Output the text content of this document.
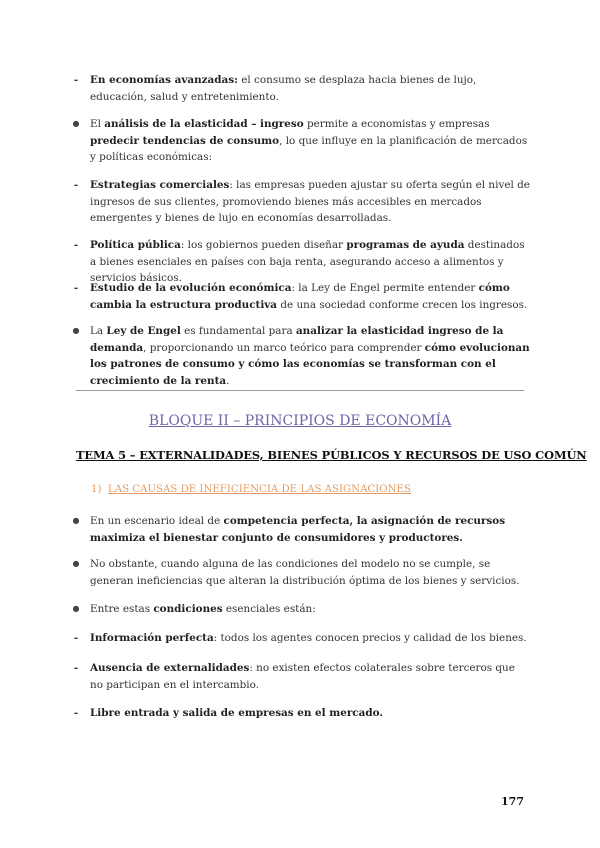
-	En economías avanzadas: el consumo se desplaza hacia bienes de lujo, educación, salud y entretenimiento.
● El análisis de la elasticidad – ingreso permite a economistas y empresas predecir tendencias de consumo, lo que influye en la planificación de mercados y políticas económicas:
-	Estrategias comerciales: las empresas pueden ajustar su oferta según el nivel de ingresos de sus clientes, promoviendo bienes más accesibles en mercados emergentes y bienes de lujo en economías desarrolladas.
-	Política pública: los gobiernos pueden diseñar programas de ayuda destinados a bienes esenciales en países con baja renta, asegurando acceso a alimentos y servicios básicos.
-	Estudio de la evolución económica: la Ley de Engel permite entender cómo cambia la estructura productiva de una sociedad conforme crecen los ingresos.
● La Ley de Engel es fundamental para analizar la elasticidad ingreso de la demanda, proporcionando un marco teórico para comprender cómo evolucionan los patrones de consumo y cómo las economías se transforman con el crecimiento de la renta.
BLOQUE II – PRINCIPIOS DE ECONOMÍA
TEMA 5 – EXTERNALIDADES, BIENES PÚBLICOS Y RECURSOS DE USO COMÚN
1) LAS CAUSAS DE INEFICIENCIA DE LAS ASIGNACIONES
● En un escenario ideal de competencia perfecta, la asignación de recursos maximiza el bienestar conjunto de consumidores y productores.
● No obstante, cuando alguna de las condiciones del modelo no se cumple, se generan ineficiencias que alteran la distribución óptima de los bienes y servicios.
● Entre estas condiciones esenciales están:
-	Información perfecta: todos los agentes conocen precios y calidad de los bienes.
-	Ausencia de externalidades: no existen efectos colaterales sobre terceros que no participan en el intercambio.
-	Libre entrada y salida de empresas en el mercado.
177
